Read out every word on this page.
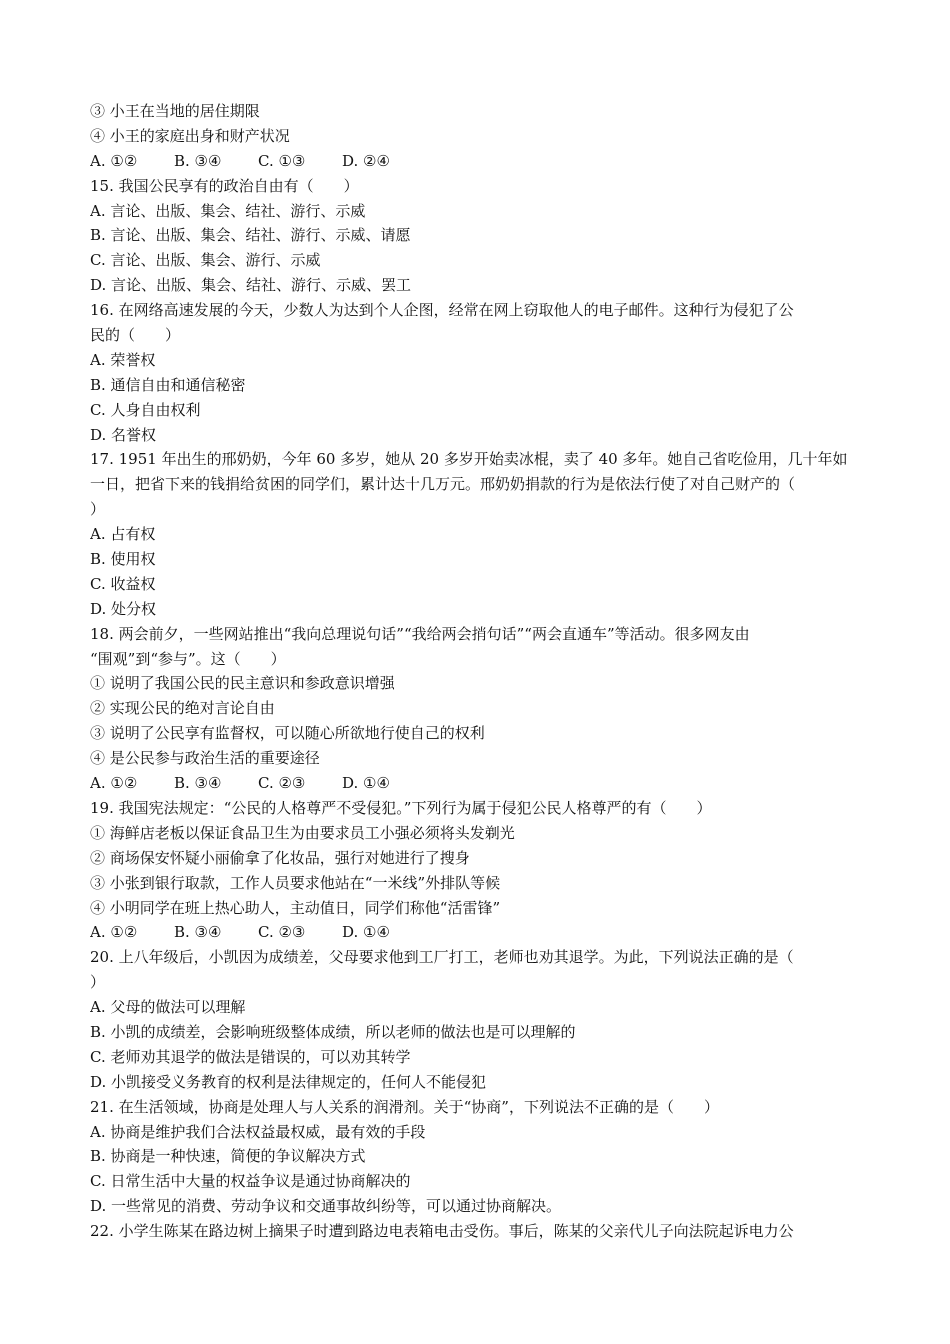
③ 小王在当地的居住期限
④ 小王的家庭出身和财产状况
A. ①②	B. ③④	C. ①③	D. ②④
15. 我国公民享有的政治自由有（　　）
A. 言论、出版、集会、结社、游行、示威
B. 言论、出版、集会、结社、游行、示威、请愿
C. 言论、出版、集会、游行、示威
D. 言论、出版、集会、结社、游行、示威、罢工
16. 在网络高速发展的今天，少数人为达到个人企图，经常在网上窃取他人的电子邮件。这种行为侵犯了公
民的（　　）
A. 荣誉权
B. 通信自由和通信秘密
C. 人身自由权利
D. 名誉权
17. 1951 年出生的邢奶奶，今年 60 多岁，她从 20 多岁开始卖冰棍，卖了 40 多年。她自己省吃俭用，几十年如
一日，把省下来的钱捐给贫困的同学们，累计达十几万元。邢奶奶捐款的行为是依法行使了对自己财产的（
）
A. 占有权
B. 使用权
C. 收益权
D. 处分权
18. 两会前夕，一些网站推出“我向总理说句话”“我给两会捎句话”“两会直通车”等活动。很多网友由
“围观”到“参与”。这（　　）
① 说明了我国公民的民主意识和参政意识增强
② 实现公民的绝对言论自由
③ 说明了公民享有监督权，可以随心所欲地行使自己的权利
④ 是公民参与政治生活的重要途径
A. ①②	B. ③④	C. ②③	D. ①④
19. 我国宪法规定：“公民的人格尊严不受侵犯。”下列行为属于侵犯公民人格尊严的有（　　）
① 海鲜店老板以保证食品卫生为由要求员工小强必须将头发剃光
② 商场保安怀疑小丽偷拿了化妆品，强行对她进行了搜身
③ 小张到银行取款，工作人员要求他站在“一米线”外排队等候
④ 小明同学在班上热心助人，主动值日，同学们称他“活雷锋”
A. ①②	B. ③④	C. ②③	D. ①④
20. 上八年级后，小凯因为成绩差，父母要求他到工厂打工，老师也劝其退学。为此，下列说法正确的是（
）
A. 父母的做法可以理解
B. 小凯的成绩差，会影响班级整体成绩，所以老师的做法也是可以理解的
C. 老师劝其退学的做法是错误的，可以劝其转学
D. 小凯接受义务教育的权利是法律规定的，任何人不能侵犯
21. 在生活领域，协商是处理人与人关系的润滑剂。关于“协商”，下列说法不正确的是（　　）
A. 协商是维护我们合法权益最权威，最有效的手段
B. 协商是一种快速，简便的争议解决方式
C. 日常生活中大量的权益争议是通过协商解决的
D. 一些常见的消费、劳动争议和交通事故纠纷等，可以通过协商解决。
22. 小学生陈某在路边树上摘果子时遭到路边电表箱电击受伤。事后，陈某的父亲代儿子向法院起诉电力公
